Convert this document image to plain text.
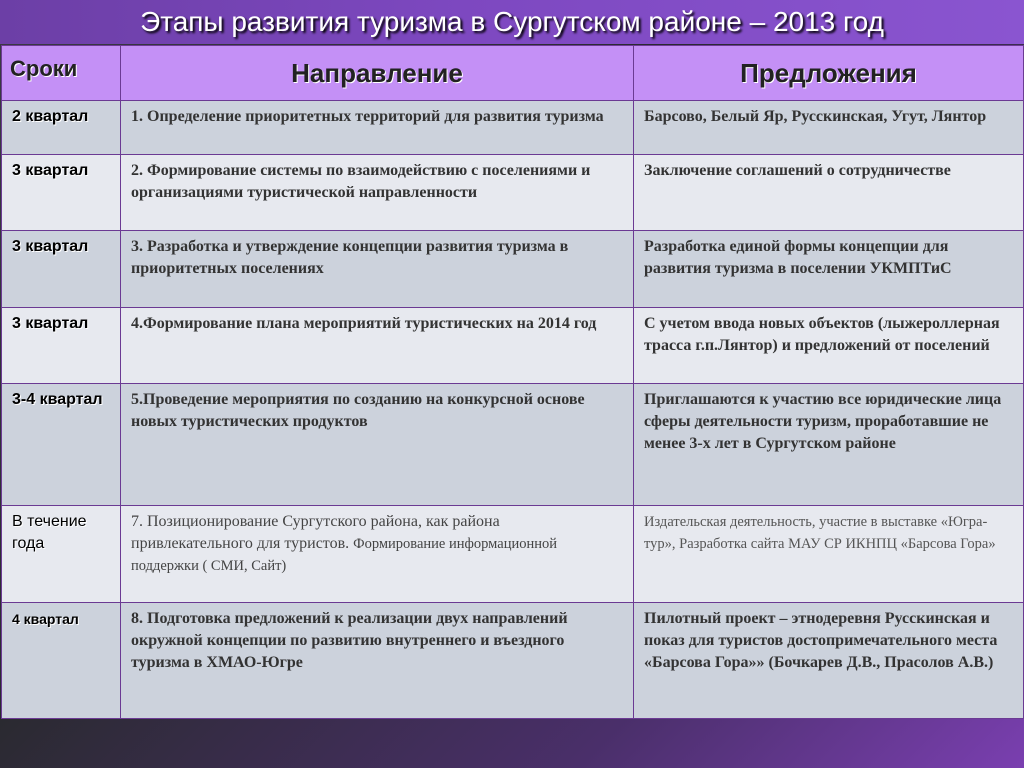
Этапы развития туризма в Сургутском районе – 2013 год
Сроки	Направление	Предложения
2 квартал	1. Определение приоритетных территорий для развития туризма	Барсово, Белый Яр, Русскинская, Угут, Лянтор
3 квартал	2. Формирование системы по взаимодействию с поселениями и организациями туристической направленности	Заключение соглашений о сотрудничестве
3 квартал	3. Разработка и утверждение концепции развития туризма в приоритетных поселениях	Разработка единой формы концепции для развития туризма в поселении УКМПТиС
3 квартал	4.Формирование плана мероприятий туристических на 2014 год	С учетом ввода новых объектов (лыжероллерная трасса г.п.Лянтор) и предложений от поселений
3-4 квартал	5.Проведение мероприятия по созданию на конкурсной основе новых туристических продуктов	Приглашаются к участию все юридические лица сферы деятельности туризм, проработавшие не менее 3-х лет в Сургутском районе
В течение года	7. Позиционирование Сургутского района, как района привлекательного для туристов. Формирование информационной поддержки ( СМИ, Сайт)	Издательская деятельность, участие в выставке «Югра-тур», Разработка сайта МАУ СР ИКНПЦ «Барсова Гора»
4 квартал	8. Подготовка предложений к реализации двух направлений окружной концепции по развитию внутреннего и въездного туризма в ХМАО-Югре	Пилотный проект – этнодеревня Русскинская и показ для туристов достопримечательного места «Барсова Гора»» (Бочкарев Д.В., Прасолов А.В.)
